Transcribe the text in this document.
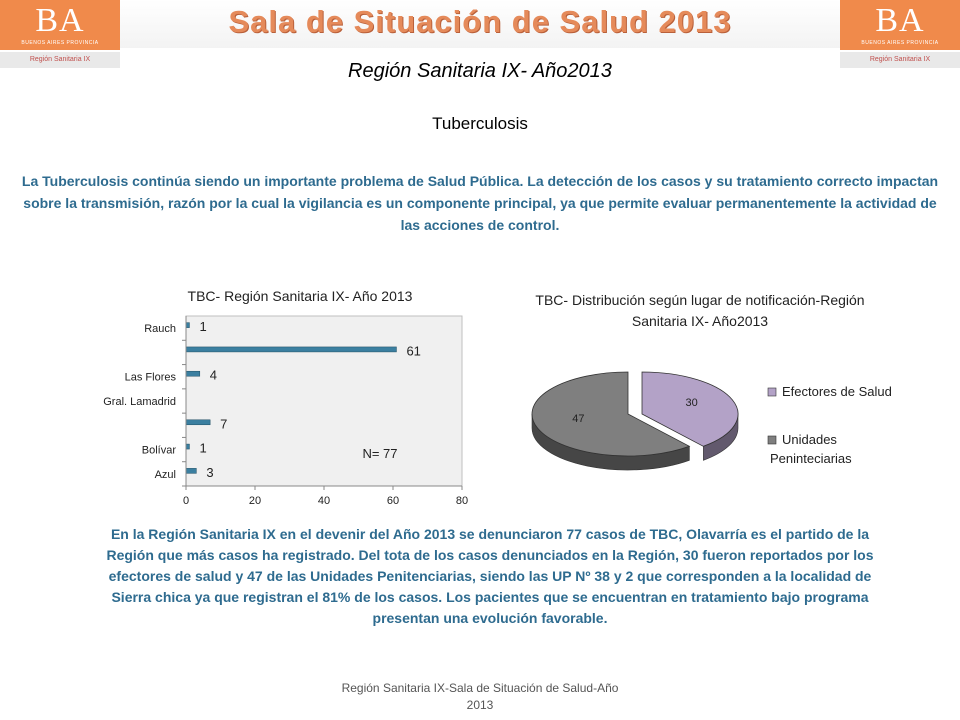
BA
BUENOS AIRES PROVINCIA
Región Sanitaria IX
Sala de Situación de Salud 2013	BA
BUENOS AIRES PROVINCIA
Región Sanitaria IX
Región Sanitaria IX- Año2013
Tuberculosis
La Tuberculosis continúa siendo un importante problema de Salud Pública. La detección de los casos y su tratamiento correcto impactan sobre la transmisión, razón por la cual la vigilancia es un componente principal, ya que permite evaluar permanentemente la actividad de las acciones de control.
TBC- Región Sanitaria IX- Año 2013
0	20	40	60	80
Azul 3
Bolívar 1
7
Gral. Lamadrid
Las Flores	4
61
Rauch 1
N= 77
TBC- Distribución según lugar de notificación-Región Sanitaria IX- Año2013
30
47
Efectores de Salud
Unidades
Peninteciarias
En la Región Sanitaria IX en el devenir del Año 2013 se denunciaron 77 casos de TBC, Olavarría es el partido de la Región que más casos ha registrado. Del tota de los casos denunciados en la Región, 30 fueron reportados por los efectores de salud y 47 de las Unidades Penitenciarias, siendo las UP Nº 38 y 2 que corresponden a la localidad de Sierra chica ya que registran el 81% de los casos. Los pacientes que se encuentran en tratamiento bajo programa presentan una evolución favorable.
Región Sanitaria IX-Sala de Situación de Salud-Año 2013
